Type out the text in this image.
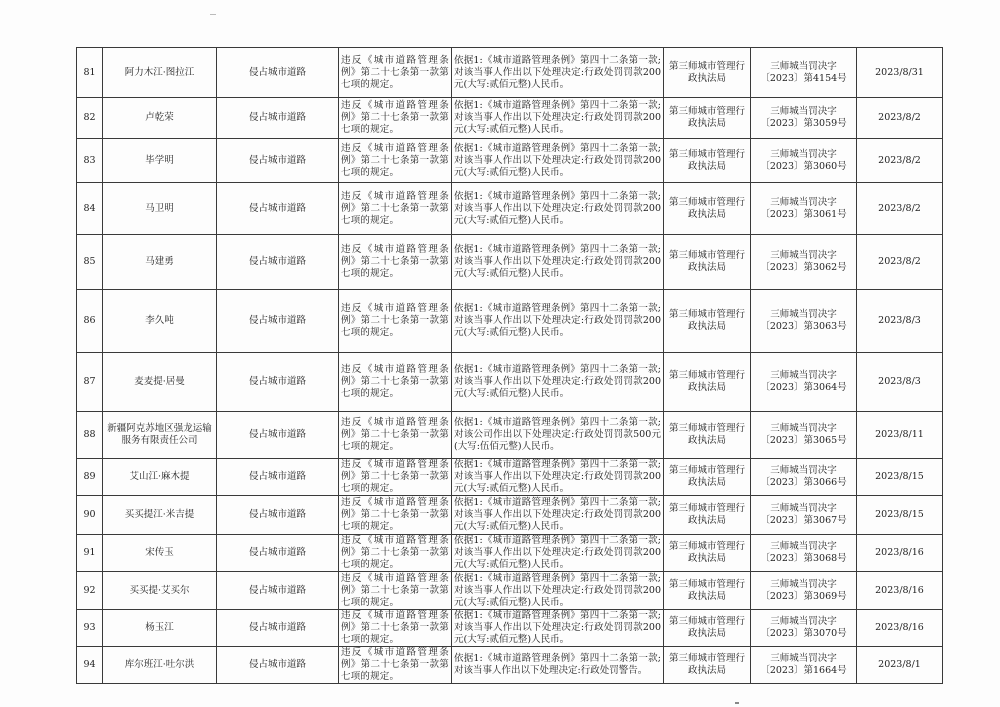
81	阿力木江·图拉江	侵占城市道路	违反《城市道路管理条例》第二十七条第一款第七项的规定。	依据1:《城市道路管理条例》第四十二条第一款;对该当事人作出以下处理决定:行政处罚罚款200元(大写:贰佰元整)人民币。	第三师城市管理行政执法局	三师城当罚决字〔2023〕第4154号	2023/8/31
82	卢乾荣	侵占城市道路	违反《城市道路管理条例》第二十七条第一款第七项的规定。	依据1:《城市道路管理条例》第四十二条第一款;对该当事人作出以下处理决定:行政处罚罚款200元(大写:贰佰元整)人民币。	第三师城市管理行政执法局	三师城当罚决字〔2023〕第3059号	2023/8/2
83	毕学明	侵占城市道路	违反《城市道路管理条例》第二十七条第一款第七项的规定。	依据1:《城市道路管理条例》第四十二条第一款;对该当事人作出以下处理决定:行政处罚罚款200元(大写:贰佰元整)人民币。	第三师城市管理行政执法局	三师城当罚决字〔2023〕第3060号	2023/8/2
84	马卫明	侵占城市道路	违反《城市道路管理条例》第二十七条第一款第七项的规定。	依据1:《城市道路管理条例》第四十二条第一款;对该当事人作出以下处理决定:行政处罚罚款200元(大写:贰佰元整)人民币。	第三师城市管理行政执法局	三师城当罚决字〔2023〕第3061号	2023/8/2
85	马建勇	侵占城市道路	违反《城市道路管理条例》第二十七条第一款第七项的规定。	依据1:《城市道路管理条例》第四十二条第一款;对该当事人作出以下处理决定:行政处罚罚款200元(大写:贰佰元整)人民币。	第三师城市管理行政执法局	三师城当罚决字〔2023〕第3062号	2023/8/2
86	李久吨	侵占城市道路	违反《城市道路管理条例》第二十七条第一款第七项的规定。	依据1:《城市道路管理条例》第四十二条第一款;对该当事人作出以下处理决定:行政处罚罚款200元(大写:贰佰元整)人民币。	第三师城市管理行政执法局	三师城当罚决字〔2023〕第3063号	2023/8/3
87	麦麦提·居曼	侵占城市道路	违反《城市道路管理条例》第二十七条第一款第七项的规定。	依据1:《城市道路管理条例》第四十二条第一款;对该当事人作出以下处理决定:行政处罚罚款200元(大写:贰佰元整)人民币。	第三师城市管理行政执法局	三师城当罚决字〔2023〕第3064号	2023/8/3
88	新疆阿克苏地区强龙运输服务有限责任公司	侵占城市道路	违反《城市道路管理条例》第二十七条第一款第七项的规定。	依据1:《城市道路管理条例》第四十二条第一款;对该公司作出以下处理决定:行政处罚罚款500元(大写:伍佰元整)人民币。	第三师城市管理行政执法局	三师城当罚决字〔2023〕第3065号	2023/8/11
89	艾山江·麻木提	侵占城市道路	违反《城市道路管理条例》第二十七条第一款第七项的规定。	依据1:《城市道路管理条例》第四十二条第一款;对该当事人作出以下处理决定:行政处罚罚款200元(大写:贰佰元整)人民币。	第三师城市管理行政执法局	三师城当罚决字〔2023〕第3066号	2023/8/15
90	买买提江·米吉提	侵占城市道路	违反《城市道路管理条例》第二十七条第一款第七项的规定。	依据1:《城市道路管理条例》第四十二条第一款;对该当事人作出以下处理决定:行政处罚罚款200元(大写:贰佰元整)人民币。	第三师城市管理行政执法局	三师城当罚决字〔2023〕第3067号	2023/8/15
91	宋传玉	侵占城市道路	违反《城市道路管理条例》第二十七条第一款第七项的规定。	依据1:《城市道路管理条例》第四十二条第一款;对该当事人作出以下处理决定:行政处罚罚款200元(大写:贰佰元整)人民币。	第三师城市管理行政执法局	三师城当罚决字〔2023〕第3068号	2023/8/16
92	买买提·艾买尔	侵占城市道路	违反《城市道路管理条例》第二十七条第一款第七项的规定。	依据1:《城市道路管理条例》第四十二条第一款;对该当事人作出以下处理决定:行政处罚罚款200元(大写:贰佰元整)人民币。	第三师城市管理行政执法局	三师城当罚决字〔2023〕第3069号	2023/8/16
93	杨玉江	侵占城市道路	违反《城市道路管理条例》第二十七条第一款第七项的规定。	依据1:《城市道路管理条例》第四十二条第一款;对该当事人作出以下处理决定:行政处罚罚款200元(大写:贰佰元整)人民币。	第三师城市管理行政执法局	三师城当罚决字〔2023〕第3070号	2023/8/16
94	库尔班江·吐尔洪	侵占城市道路	违反《城市道路管理条例》第二十七条第一款第七项的规定。	依据1:《城市道路管理条例》第四十二条第一款;对该当事人作出以下处理决定:行政处罚警告。	第三师城市管理行政执法局	三师城当罚决字〔2023〕第1664号	2023/8/1
